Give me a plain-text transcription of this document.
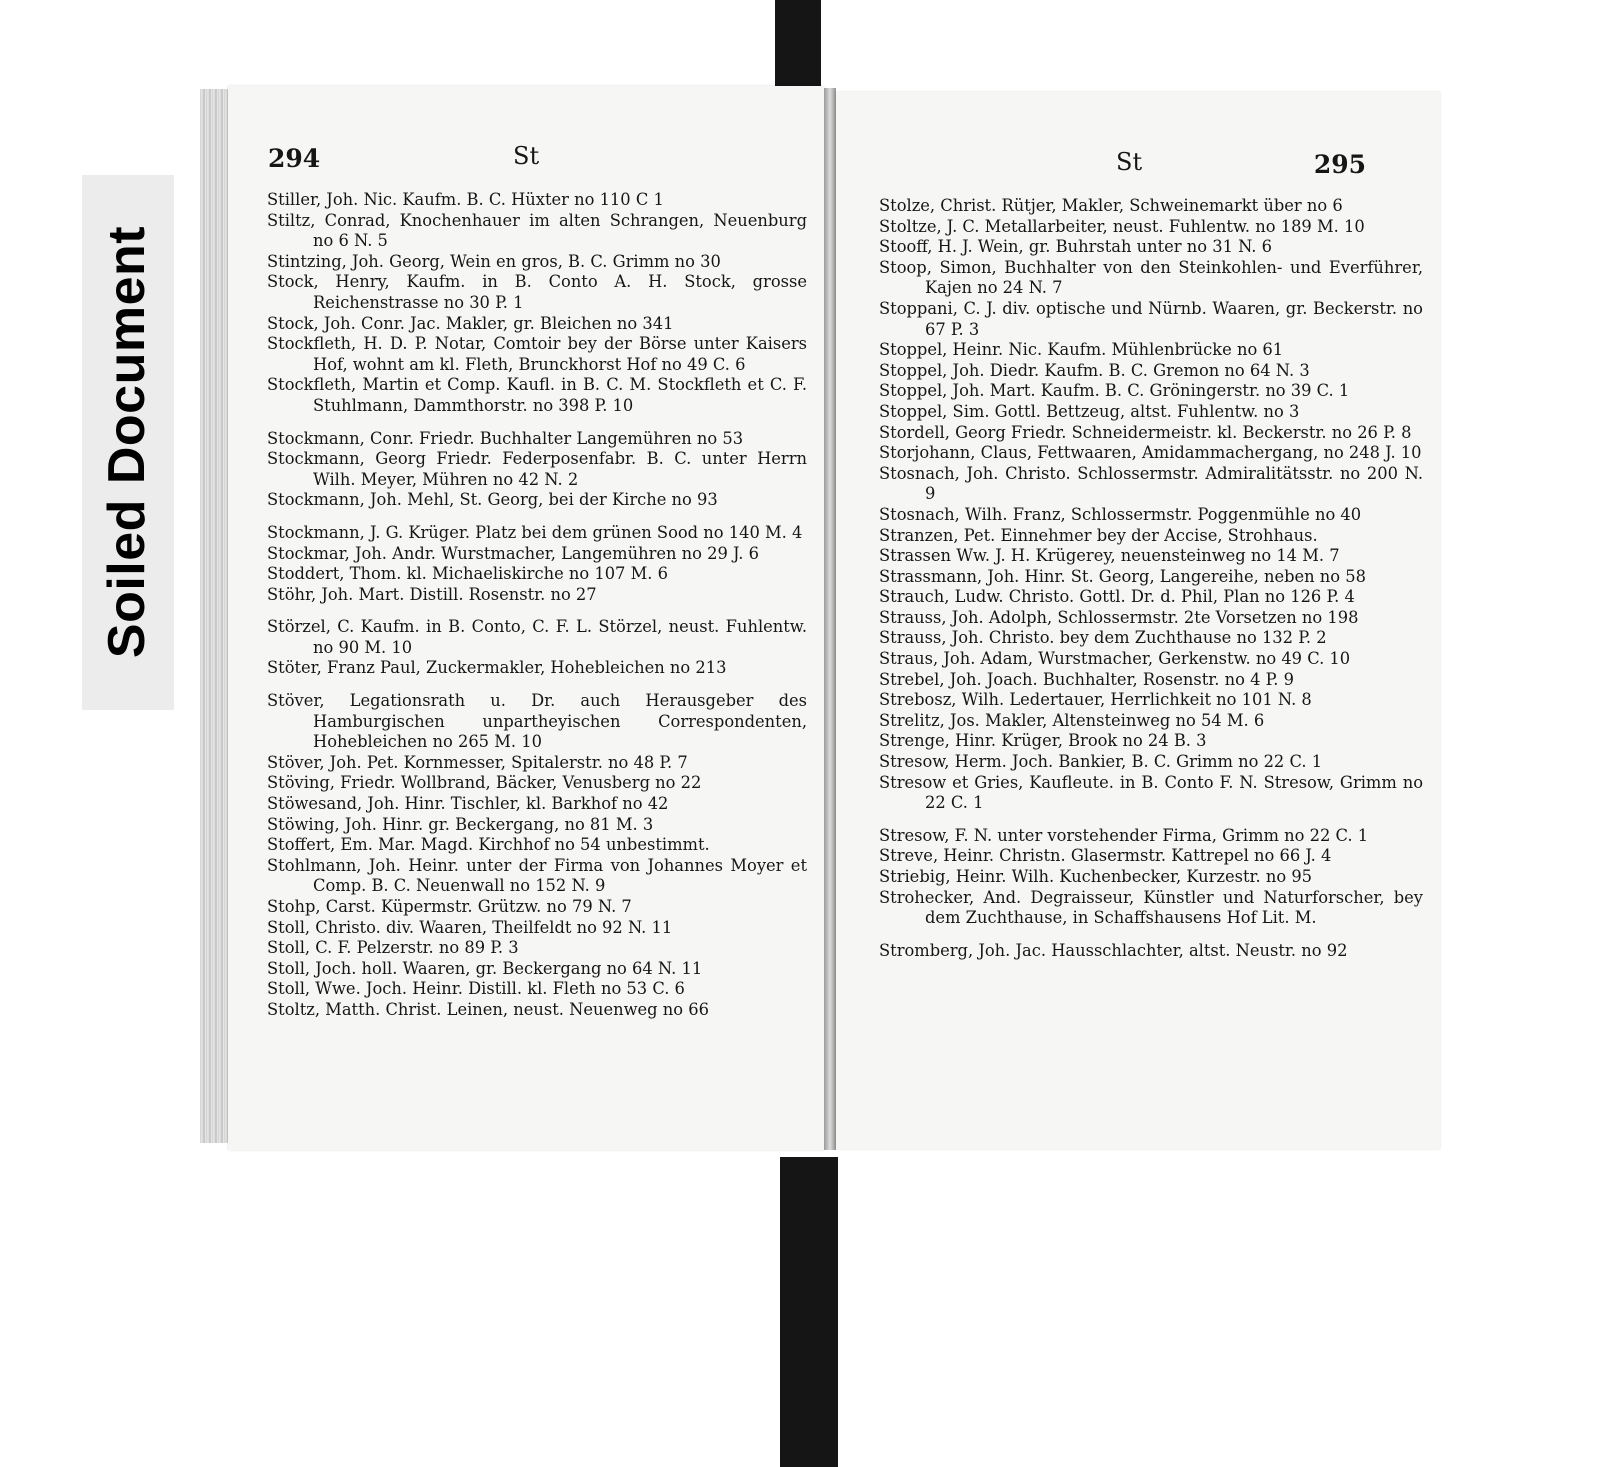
Soiled Document
294	St
Stiller, Joh. Nic. Kaufm. B. C. Hüxter no 110 C 1
Stiltz, Conrad, Knochenhauer im alten Schrangen, Neuenburg no 6 N. 5
Stintzing, Joh. Georg, Wein en gros, B. C. Grimm no 30
Stock, Henry, Kaufm. in B. Conto A. H. Stock, grosse Reichenstrasse no 30 P. 1
Stock, Joh. Conr. Jac. Makler, gr. Bleichen no 341
Stockfleth, H. D. P. Notar, Comtoir bey der Börse unter Kaisers Hof, wohnt am kl. Fleth, Brunckhorst Hof no 49 C. 6
Stockfleth, Martin et Comp. Kaufl. in B. C. M. Stockfleth et C. F. Stuhlmann, Dammthorstr. no 398 P. 10
Stockmann, Conr. Friedr. Buchhalter Langemühren no 53
Stockmann, Georg Friedr. Federposenfabr. B. C. unter Herrn Wilh. Meyer, Mühren no 42 N. 2
Stockmann, Joh. Mehl, St. Georg, bei der Kirche no 93
Stockmann, J. G. Krüger. Platz bei dem grünen Sood no 140 M. 4
Stockmar, Joh. Andr. Wurstmacher, Langemühren no 29 J. 6
Stoddert, Thom. kl. Michaeliskirche no 107 M. 6
Stöhr, Joh. Mart. Distill. Rosenstr. no 27
Störzel, C. Kaufm. in B. Conto, C. F. L. Störzel, neust. Fuhlentw. no 90 M. 10
Stöter, Franz Paul, Zuckermakler, Hohebleichen no 213
Stöver, Legationsrath u. Dr. auch Herausgeber des Hamburgischen unpartheyischen Correspondenten, Hohebleichen no 265 M. 10
Stöver, Joh. Pet. Kornmesser, Spitalerstr. no 48 P. 7
Stöving, Friedr. Wollbrand, Bäcker, Venusberg no 22
Stöwesand, Joh. Hinr. Tischler, kl. Barkhof no 42
Stöwing, Joh. Hinr. gr. Beckergang, no 81 M. 3
Stoffert, Em. Mar. Magd. Kirchhof no 54 unbestimmt.
Stohlmann, Joh. Heinr. unter der Firma von Johannes Moyer et Comp. B. C. Neuenwall no 152 N. 9
Stohp, Carst. Küpermstr. Grützw. no 79 N. 7
Stoll, Christo. div. Waaren, Theilfeldt no 92 N. 11
Stoll, C. F. Pelzerstr. no 89 P. 3
Stoll, Joch. holl. Waaren, gr. Beckergang no 64 N. 11
Stoll, Wwe. Joch. Heinr. Distill. kl. Fleth no 53 C. 6
Stoltz, Matth. Christ. Leinen, neust. Neuenweg no 66
St	295
Stolze, Christ. Rütjer, Makler, Schweinemarkt über no 6
Stoltze, J. C. Metallarbeiter, neust. Fuhlentw. no 189 M. 10
Stooff, H. J. Wein, gr. Buhrstah unter no 31 N. 6
Stoop, Simon, Buchhalter von den Steinkohlen- und Everführer, Kajen no 24 N. 7
Stoppani, C. J. div. optische und Nürnb. Waaren, gr. Beckerstr. no 67 P. 3
Stoppel, Heinr. Nic. Kaufm. Mühlenbrücke no 61
Stoppel, Joh. Diedr. Kaufm. B. C. Gremon no 64 N. 3
Stoppel, Joh. Mart. Kaufm. B. C. Gröningerstr. no 39 C. 1
Stoppel, Sim. Gottl. Bettzeug, altst. Fuhlentw. no 3
Stordell, Georg Friedr. Schneidermeistr. kl. Beckerstr. no 26 P. 8
Storjohann, Claus, Fettwaaren, Amidammachergang, no 248 J. 10
Stosnach, Joh. Christo. Schlossermstr. Admiralitätsstr. no 200 N. 9
Stosnach, Wilh. Franz, Schlossermstr. Poggenmühle no 40
Stranzen, Pet. Einnehmer bey der Accise, Strohhaus.
Strassen Ww. J. H. Krügerey, neuensteinweg no 14 M. 7
Strassmann, Joh. Hinr. St. Georg, Langereihe, neben no 58
Strauch, Ludw. Christo. Gottl. Dr. d. Phil, Plan no 126 P. 4
Strauss, Joh. Adolph, Schlossermstr. 2te Vorsetzen no 198
Strauss, Joh. Christo. bey dem Zuchthause no 132 P. 2
Straus, Joh. Adam, Wurstmacher, Gerkenstw. no 49 C. 10
Strebel, Joh. Joach. Buchhalter, Rosenstr. no 4 P. 9
Strebosz, Wilh. Ledertauer, Herrlichkeit no 101 N. 8
Strelitz, Jos. Makler, Altensteinweg no 54 M. 6
Strenge, Hinr. Krüger, Brook no 24 B. 3
Stresow, Herm. Joch. Bankier, B. C. Grimm no 22 C. 1
Stresow et Gries, Kaufleute. in B. Conto F. N. Stresow, Grimm no 22 C. 1
Stresow, F. N. unter vorstehender Firma, Grimm no 22 C. 1
Streve, Heinr. Christn. Glasermstr. Kattrepel no 66 J. 4
Striebig, Heinr. Wilh. Kuchenbecker, Kurzestr. no 95
Strohecker, And. Degraisseur, Künstler und Naturforscher, bey dem Zuchthause, in Schaffshausens Hof Lit. M.
Stromberg, Joh. Jac. Hausschlachter, altst. Neustr. no 92
